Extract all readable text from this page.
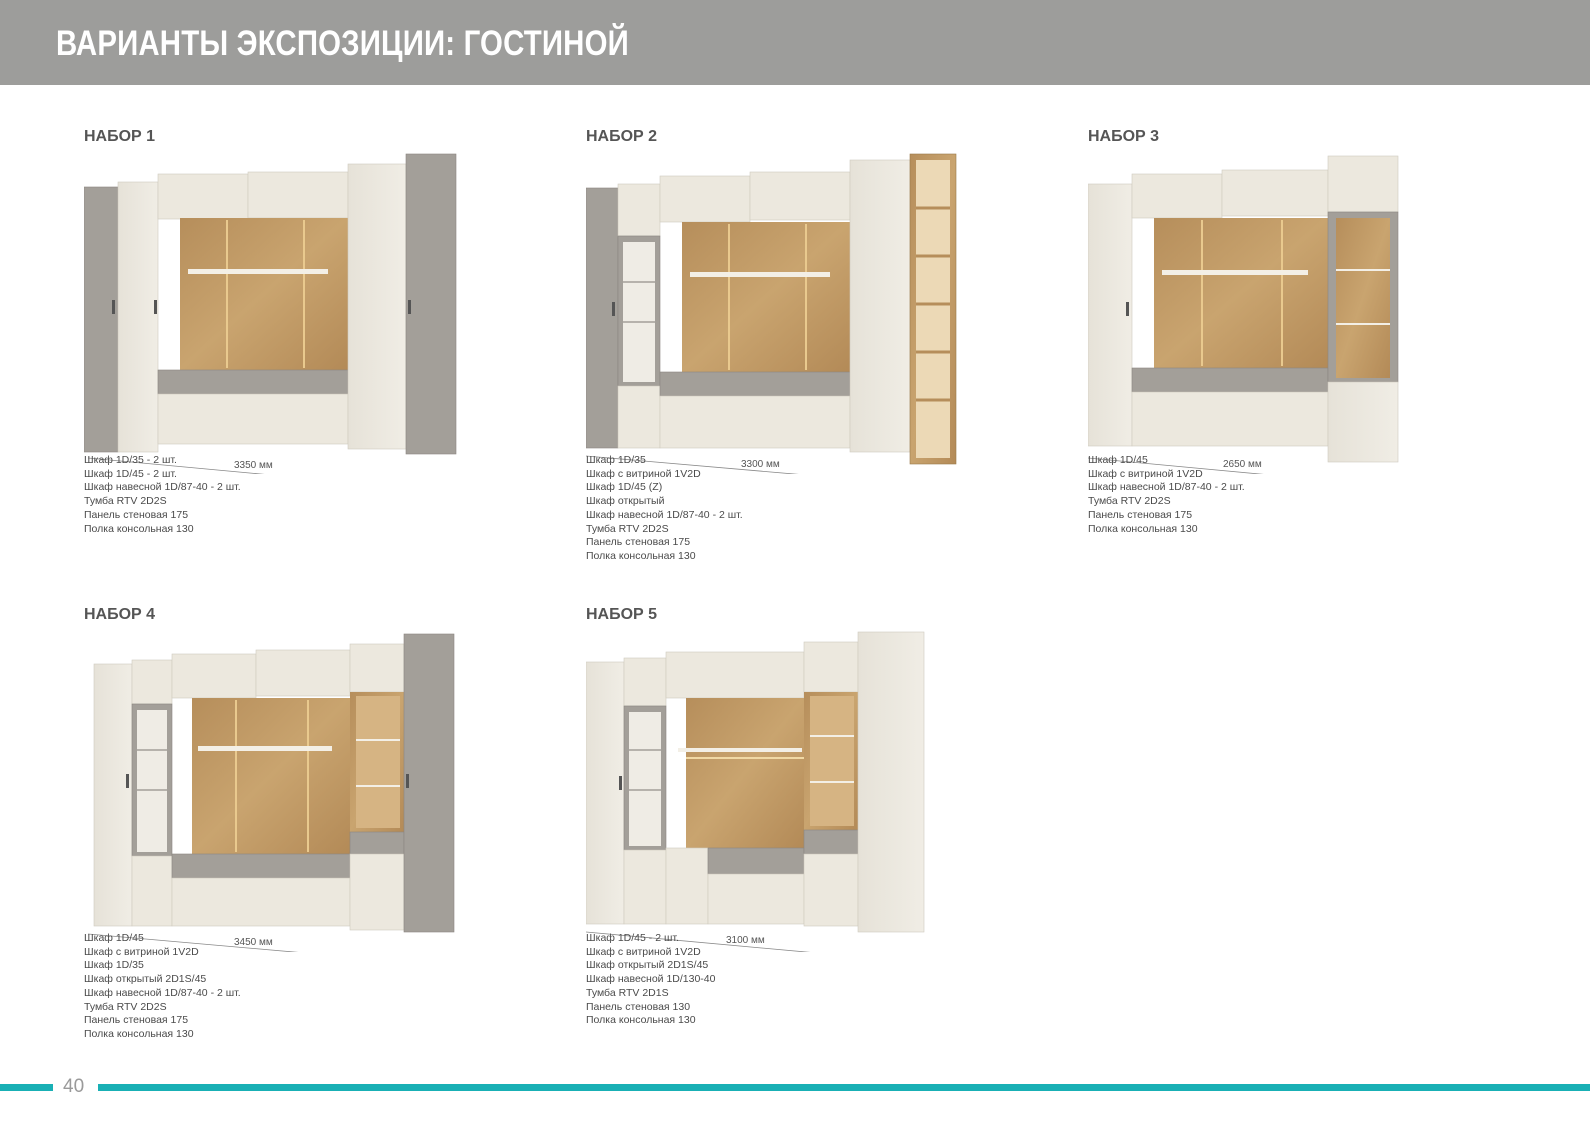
ВАРИАНТЫ ЭКСПОЗИЦИИ: ГОСТИНОЙ
НАБОР 1
3350 мм
Шкаф 1D/35 - 2 шт.
Шкаф 1D/45 - 2 шт.
Шкаф навесной 1D/87-40 - 2 шт.
Тумба RTV 2D2S
Панель стеновая 175
Полка консольная 130
НАБОР 2
3300 мм
Шкаф 1D/35
Шкаф с витриной 1V2D
Шкаф 1D/45 (Z)
Шкаф открытый
Шкаф навесной 1D/87-40 - 2 шт.
Тумба RTV 2D2S
Панель стеновая 175
Полка консольная 130
НАБОР 3
2650 мм
Шкаф 1D/45
Шкаф с витриной 1V2D
Шкаф навесной 1D/87-40 - 2 шт.
Тумба RTV 2D2S
Панель стеновая 175
Полка консольная 130
НАБОР 4
3450 мм
Шкаф 1D/45
Шкаф с витриной 1V2D
Шкаф 1D/35
Шкаф открытый 2D1S/45
Шкаф навесной 1D/87-40 - 2 шт.
Тумба RTV 2D2S
Панель стеновая 175
Полка консольная 130
НАБОР 5
3100 мм
Шкаф 1D/45 - 2 шт.
Шкаф с витриной 1V2D
Шкаф открытый 2D1S/45
Шкаф навесной 1D/130-40
Тумба RTV 2D1S
Панель стеновая 130
Полка консольная 130
40
